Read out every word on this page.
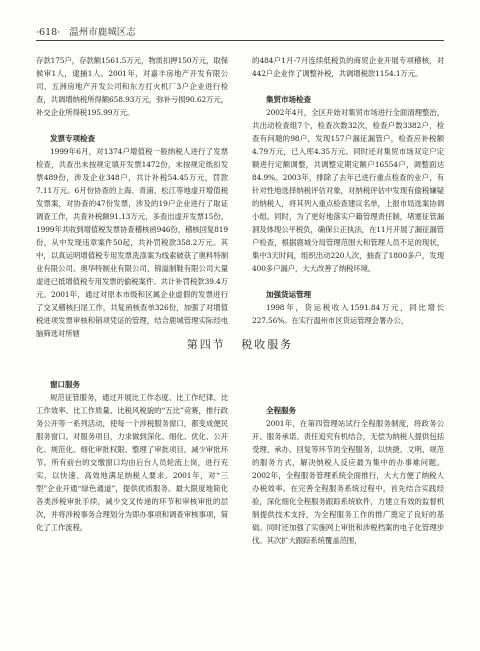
·618· 温州市鹿城区志

存款175户，存款额1561.5万元，物质扣押150万元，取保候审1人，逮捕1人。2001年，对嘉丰房地产开发有限公司、五洲房地产开发公司和东方打火机厂3户企业进行检查，共调增纳税所得额658.93万元，弥补亏损90.62万元，补交企业所得税195.99万元。

发票专项检查

1999年6月，对1374户增值税一般纳税人进行了发票检查，共查出未按规定填开发票1472份，未按规定纸扣发票489份，涉及企业348户，共计补税54.45万元，罚款7.11万元。6月份协查的上海、青浦、松江等地虚开增值税发票案，对协查的47份发票，涉及的19户企业进行了取证调查工作，共查补税额91.13万元，多查出虚开发票15份。1999年共收到增值税发票协查稽核函946份，稽核回复819份，从中发现违章案件50起，共补罚税款358.2万元。其中，以真运明增值税专用发票洗涤案为线索破获了奥料特制业有限公司、奥华特制业有限公司、锦溢制鞋有限公司大量虚进已抵增值税专用发票的偷税案件。共计补罚税款39.4万元。2001年，通过对原本市级和区属企业虚假的发票进行了交叉稽核扫尾工作，共复函核查单326份，加强了对增值税进项发票审核和销项凭证的管理，结合鹿城管理实际经电脑筛选对所辖

的484户1月-7月连续低税负的商贸企业开展专项稽核，对442户企业作了调整补税，共调增税款1154.1万元。

集贸市场检查

2002年4月，全区开始对集贸市场进行全面清理整治，共出动检查组7个，检查次数32次，检查户数3382户，检查有问题的98户，发现157户漏征漏管户，检查应补税额4.79万元，已入库4.35万元。同时还对集贸市场双定户定额进行定额调整，共调整定期定额户16554户，调整面达84.9%。2003年，排除了去年已进行重点检查的业户，有针对性地选择纳税评估对象，对纳税评估中发现有偷税嫌疑的纳税人，将其列入重点检查建议名单，上报市局选案协调小组。同时，为了更好地落实户籍管理责任制，堵塞征管漏洞及体现公平税负，确保公正执法，在11月开展了漏征漏管户检查，根据鹿城分局管理范围大和管理人员不足的现状，集中3天时间，组织出动220人次，抽查了1800多户，发现400多户漏户，大大改善了纳税环境。

加强货运管理

1998年，货运税收入1591.84万元，同比增长227.56%。在实行温州市区货运管理会署办公，

第四节 税收服务
窗口服务

规范征管服务，通过开展比工作态度、比工作纪律、比工作效率、比工作质量、比税风税貌的“五比”竞赛，推行政务公开等一系列活动，使每一个涉税服务窗口，都变成便民服务窗口。对服务项目，力求做到深化、细化、优化、公开化、规范化。细化审批权限、整理了审批项目，减少审批环节。所有前台的交缴窗口均由后台人员轮流上岗，进行充实，以快速、高效地满足纳税人要求。2001年，对“三型”企业开通“绿色通道”，提供优质服务。最大限度地简化各类涉税审批手续，减少交叉传递的环节和审核审批的层次，并将涉税事务合理划分为即办事项和调查审核事项，简化了工作流程。

全程服务

2001年，在第四管理站试行全程服务制度，将政务公开、服务承诺、责任追究有机结合，无偿为纳税人提供包括受理、承办、回复等环节的全程服务，以快捷、文明、规范的服务方式，解决纳税人反应最为集中的办事难问题。2002年，全程服务管理系统全面推行，大大方便了纳税人办税效率。在完善全程服务系统过程中，首先结合实践经验，深化细化全程服务跟踪系统软件，力建立有效的监督机制提供技术支持，为全程服务工作的推广奠定了良好的基础。同时还加强了实施网上审批和涉税档案的电子化管理步伐。其次扩大跟踪系统覆盖范围，
